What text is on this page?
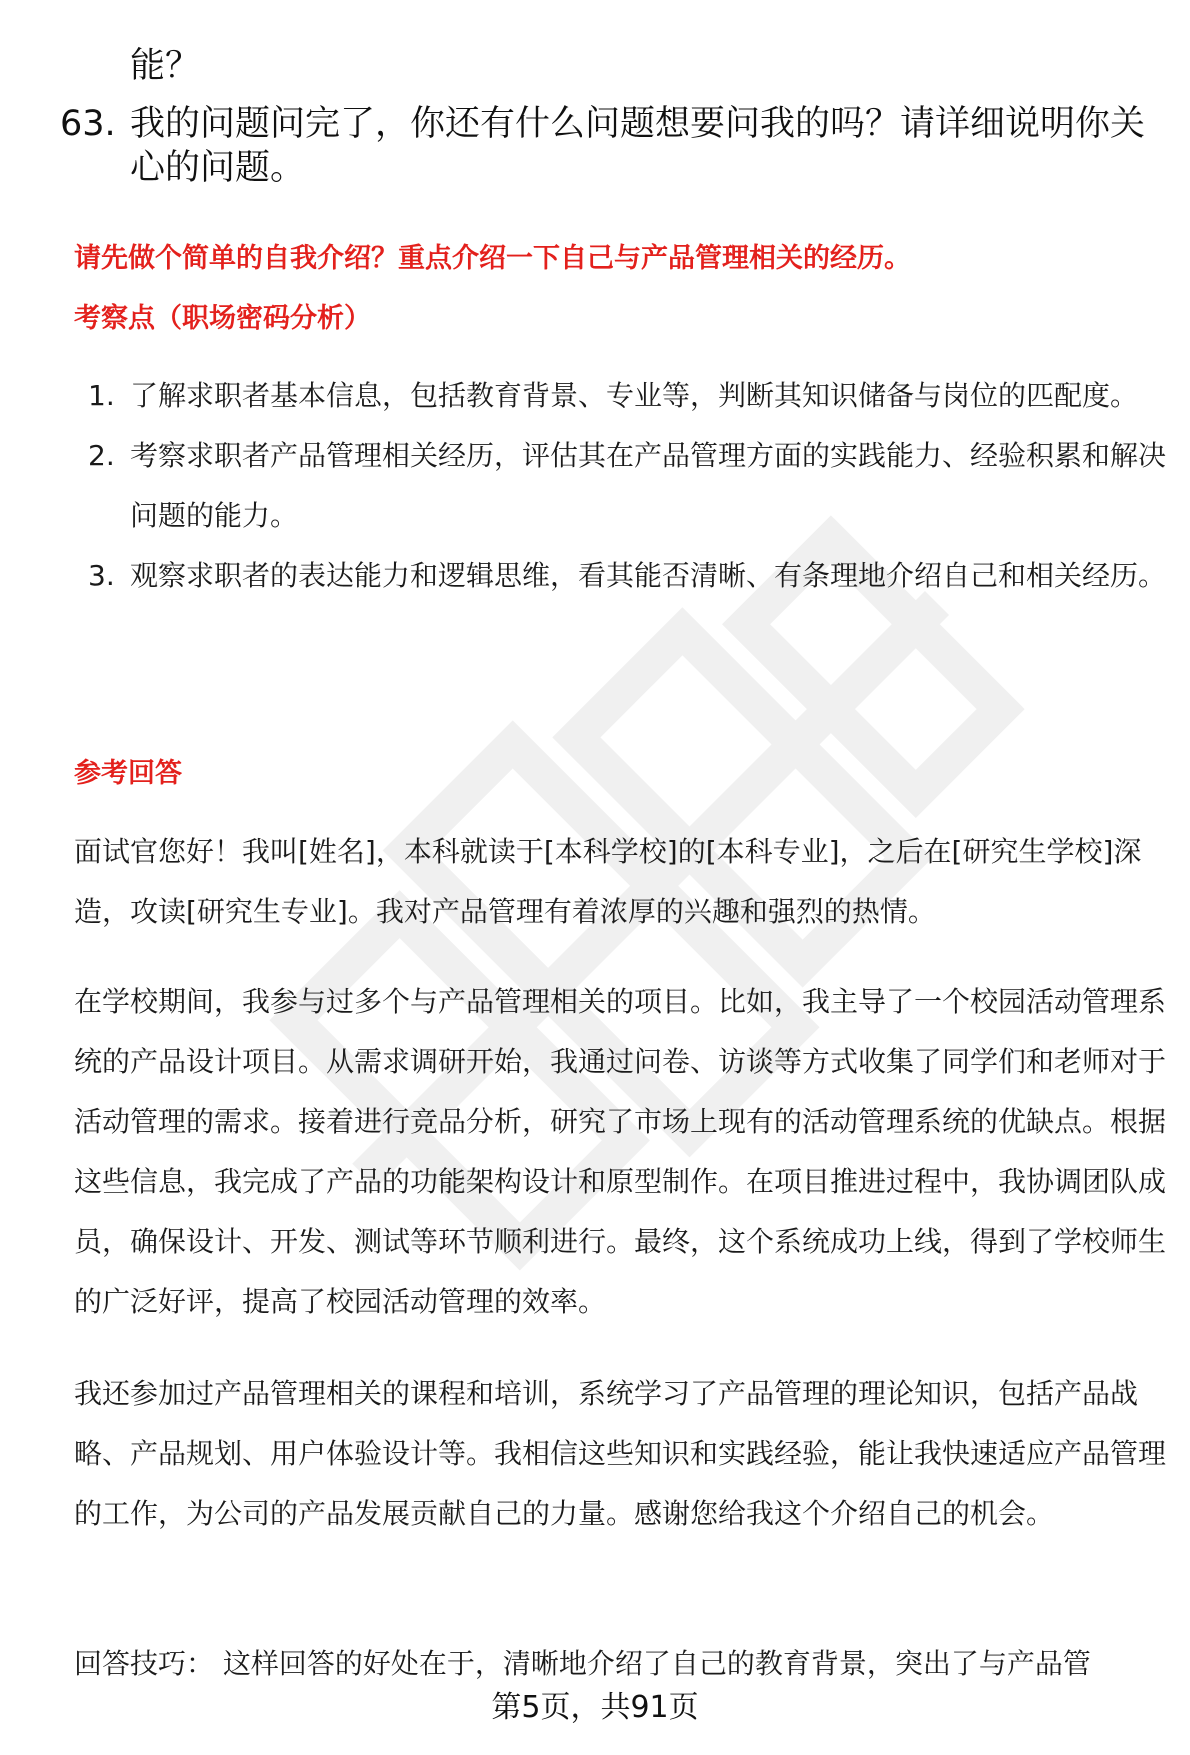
能？
63. 我的问题问完了，你还有什么问题想要问我的吗？请详细说明你关心的问题。
请先做个简单的自我介绍？重点介绍一下自己与产品管理相关的经历。
考察点（职场密码分析）
1. 了解求职者基本信息，包括教育背景、专业等，判断其知识储备与岗位的匹配度。
2. 考察求职者产品管理相关经历，评估其在产品管理方面的实践能力、经验积累和解决问题的能力。
3. 观察求职者的表达能力和逻辑思维，看其能否清晰、有条理地介绍自己和相关经历。
参考回答

面试官您好！我叫[姓名]，本科就读于[本科学校]的[本科专业]，之后在[研究生学校]深造，攻读[研究生专业]。我对产品管理有着浓厚的兴趣和强烈的热情。

在学校期间，我参与过多个与产品管理相关的项目。比如，我主导了一个校园活动管理系统的产品设计项目。从需求调研开始，我通过问卷、访谈等方式收集了同学们和老师对于活动管理的需求。接着进行竞品分析，研究了市场上现有的活动管理系统的优缺点。根据这些信息，我完成了产品的功能架构设计和原型制作。在项目推进过程中，我协调团队成员，确保设计、开发、测试等环节顺利进行。最终，这个系统成功上线，得到了学校师生的广泛好评，提高了校园活动管理的效率。

我还参加过产品管理相关的课程和培训，系统学习了产品管理的理论知识，包括产品战略、产品规划、用户体验设计等。我相信这些知识和实践经验，能让我快速适应产品管理的工作，为公司的产品发展贡献自己的力量。感谢您给我这个介绍自己的机会。

回答技巧： 这样回答的好处在于，清晰地介绍了自己的教育背景，突出了与产品管

第5页，共91页
